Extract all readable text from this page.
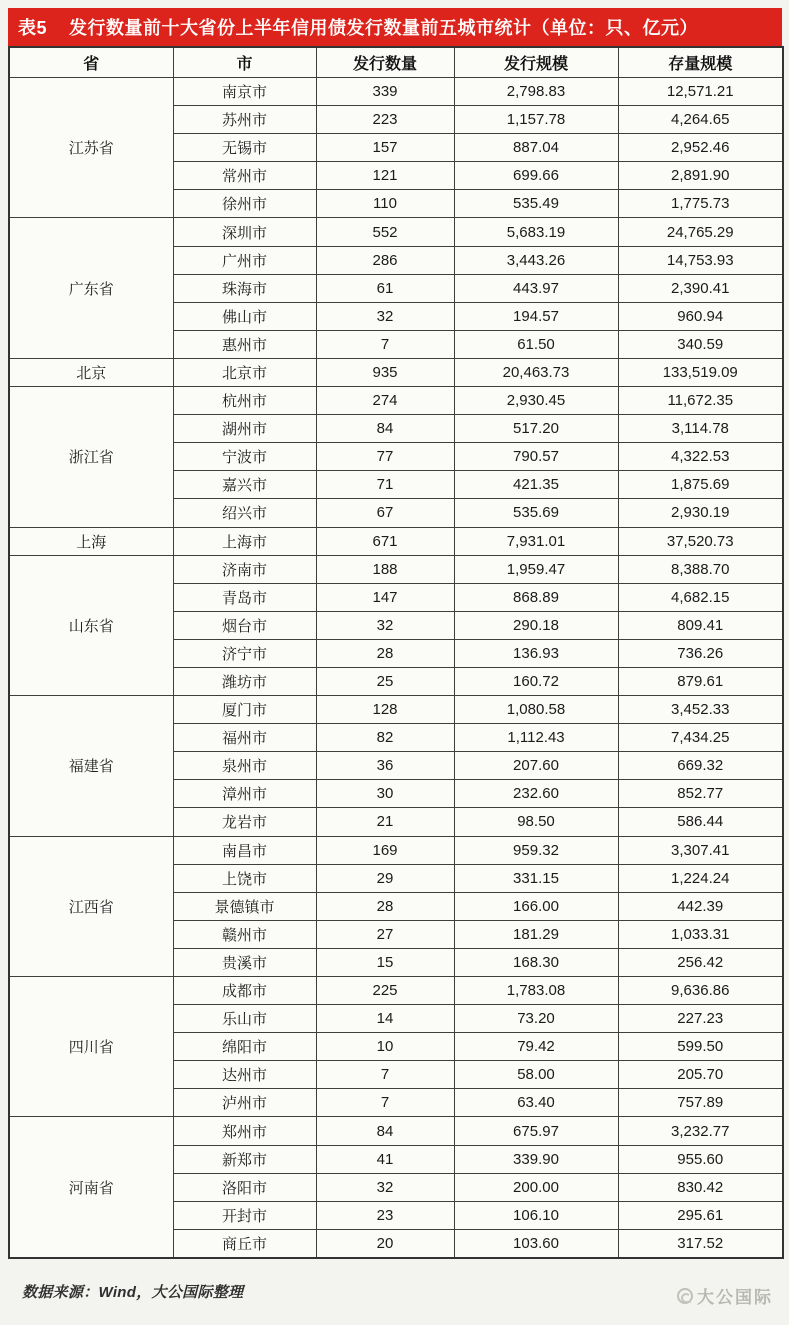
表5 发行数量前十大省份上半年信用债发行数量前五城市统计（单位：只、亿元）
省	市	发行数量	发行规模	存量规模
江苏省	南京市	339	2,798.83	12,571.21
	苏州市	223	1,157.78	4,264.65
	无锡市	157	887.04	2,952.46
	常州市	121	699.66	2,891.90
	徐州市	110	535.49	1,775.73
广东省	深圳市	552	5,683.19	24,765.29
	广州市	286	3,443.26	14,753.93
	珠海市	61	443.97	2,390.41
	佛山市	32	194.57	960.94
	惠州市	7	61.50	340.59
北京	北京市	935	20,463.73	133,519.09
浙江省	杭州市	274	2,930.45	11,672.35
	湖州市	84	517.20	3,114.78
	宁波市	77	790.57	4,322.53
	嘉兴市	71	421.35	1,875.69
	绍兴市	67	535.69	2,930.19
上海	上海市	671	7,931.01	37,520.73
山东省	济南市	188	1,959.47	8,388.70
	青岛市	147	868.89	4,682.15
	烟台市	32	290.18	809.41
	济宁市	28	136.93	736.26
	潍坊市	25	160.72	879.61
福建省	厦门市	128	1,080.58	3,452.33
	福州市	82	1,112.43	7,434.25
	泉州市	36	207.60	669.32
	漳州市	30	232.60	852.77
	龙岩市	21	98.50	586.44
江西省	南昌市	169	959.32	3,307.41
	上饶市	29	331.15	1,224.24
	景德镇市	28	166.00	442.39
	赣州市	27	181.29	1,033.31
	贵溪市	15	168.30	256.42
四川省	成都市	225	1,783.08	9,636.86
	乐山市	14	73.20	227.23
	绵阳市	10	79.42	599.50
	达州市	7	58.00	205.70
	泸州市	7	63.40	757.89
河南省	郑州市	84	675.97	3,232.77
	新郑市	41	339.90	955.60
	洛阳市	32	200.00	830.42
	开封市	23	106.10	295.61
	商丘市	20	103.60	317.52
数据来源：Wind，大公国际整理	大公国际
